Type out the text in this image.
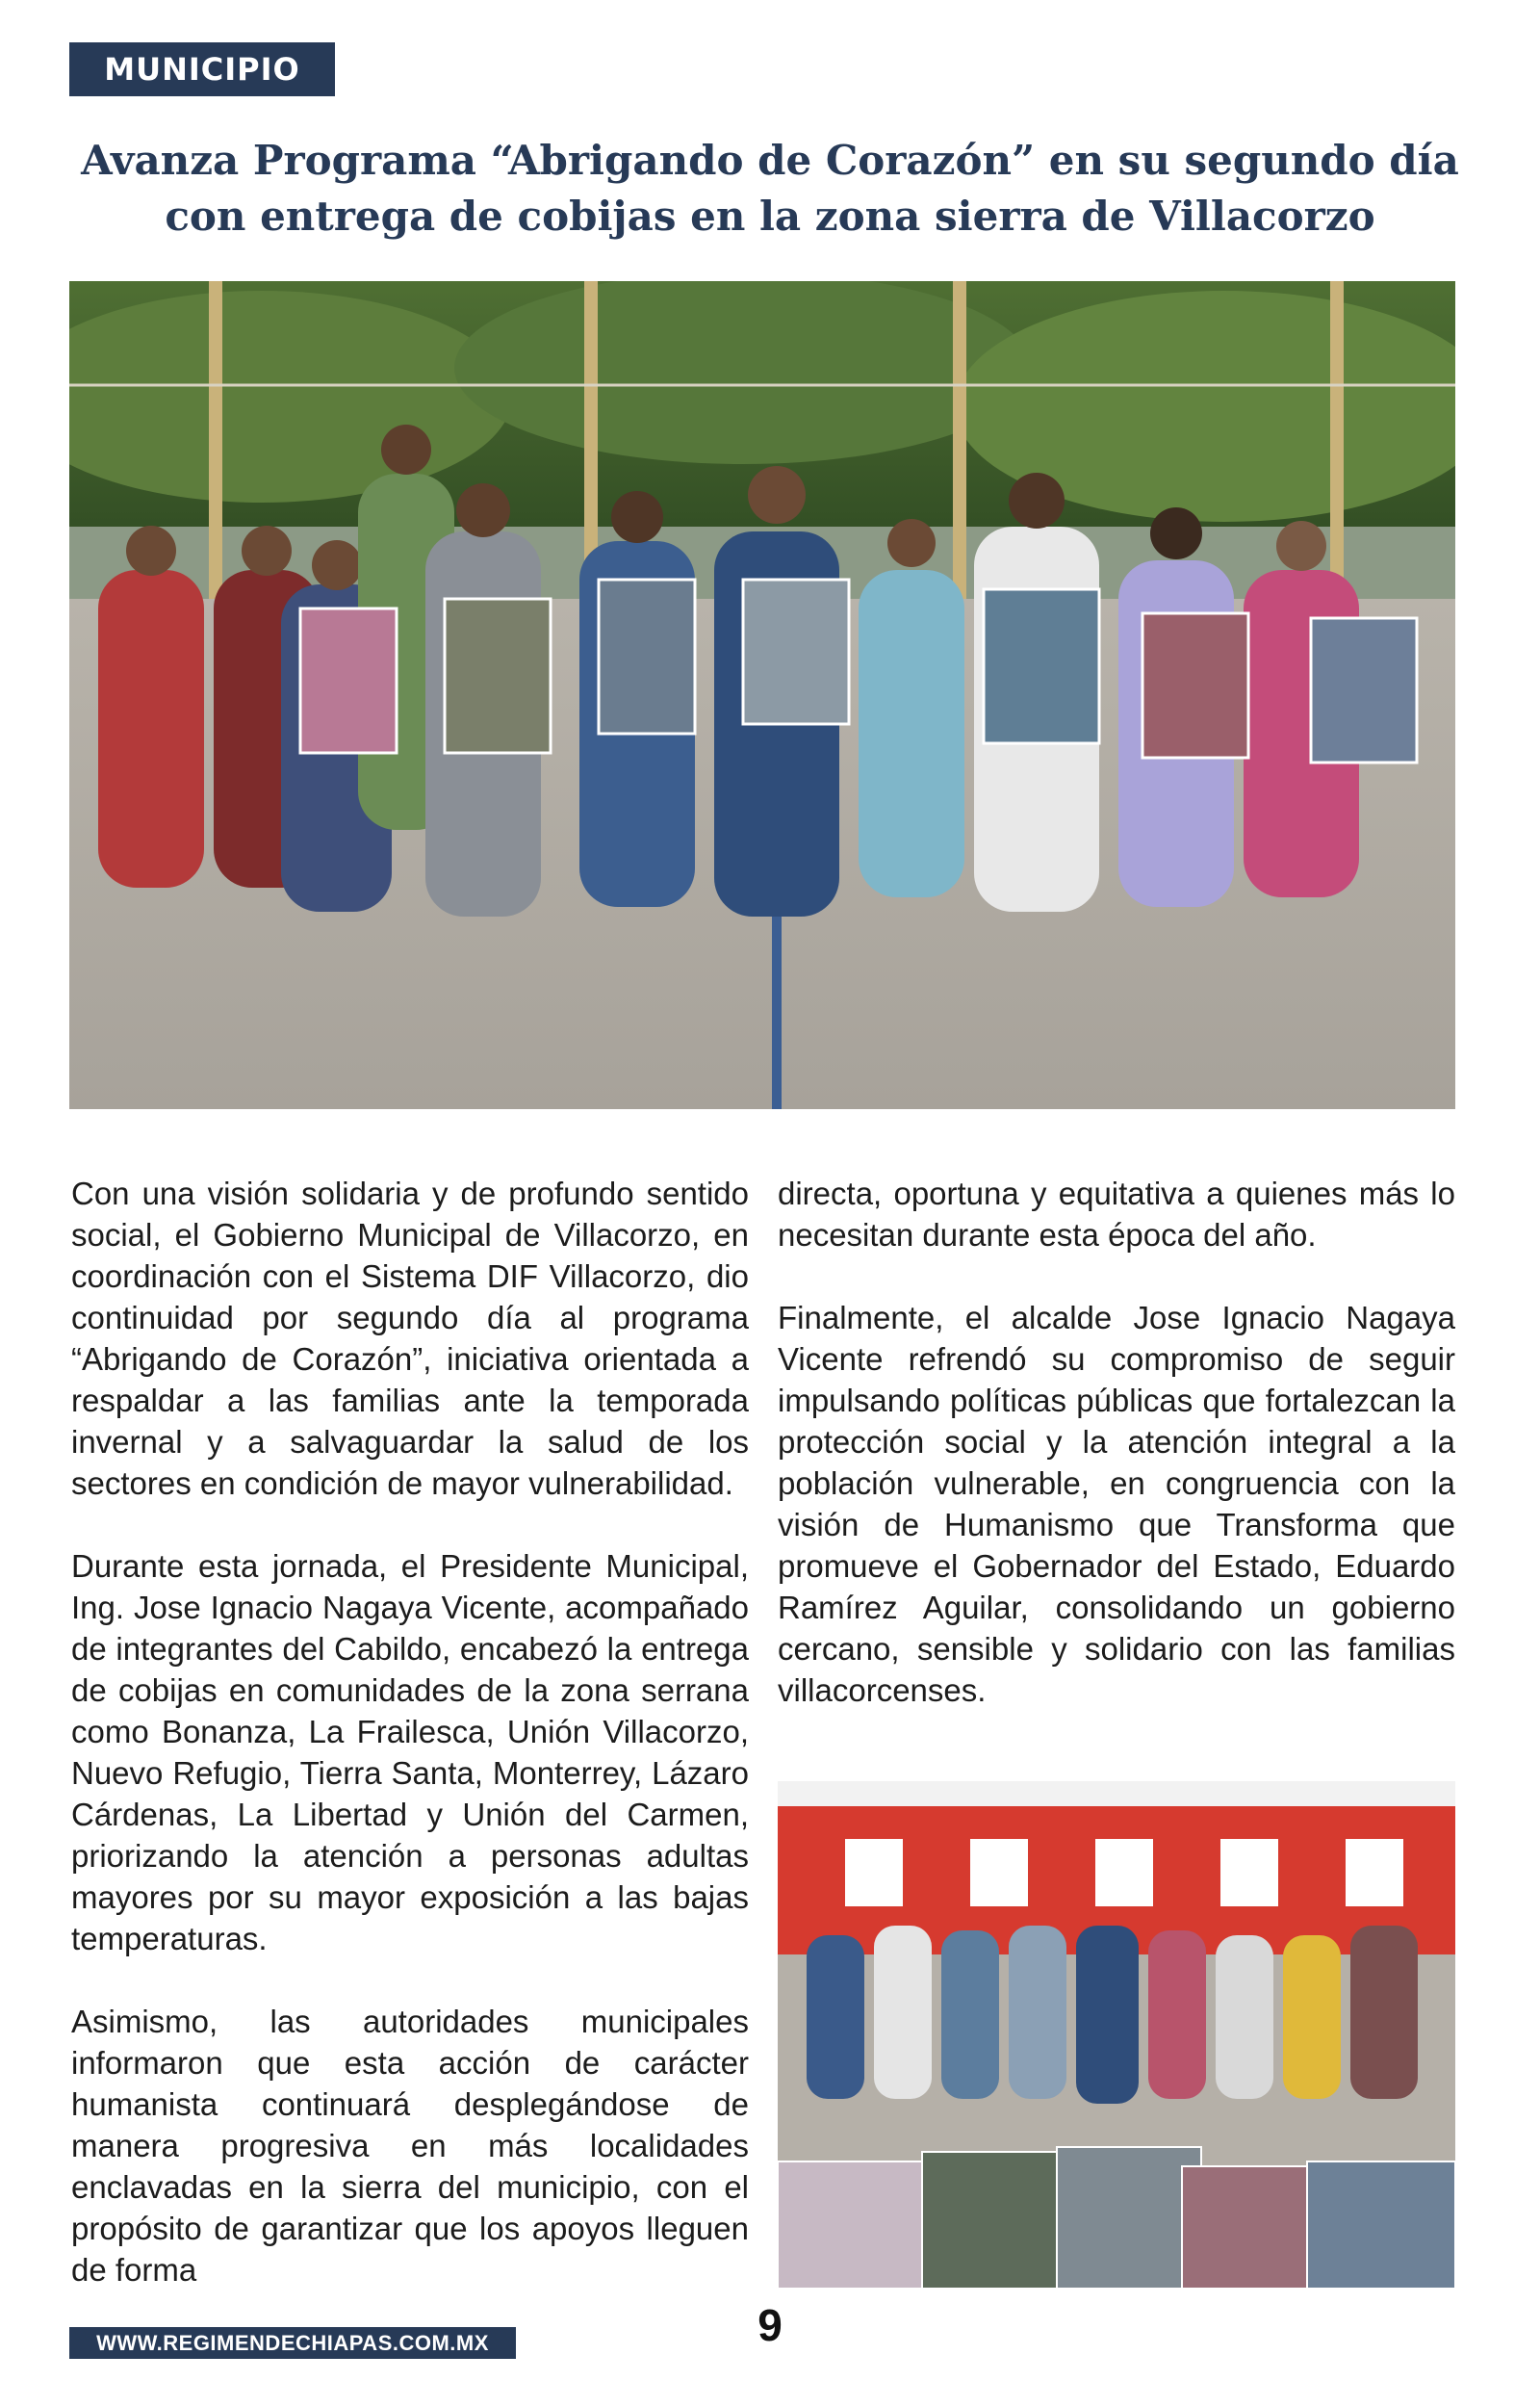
MUNICIPIO
Avanza Programa “Abrigando de Corazón” en su segundo día
con entrega de cobijas en la zona sierra de Villacorzo

Con una visión solidaria y de profundo sentido social, el Gobierno Municipal de Villacorzo, en coordinación con el Sistema DIF Villacorzo, dio continuidad por segundo día al programa “Abrigando de Corazón”, iniciativa orientada a respaldar a las familias ante la temporada invernal y a salvaguardar la salud de los sectores en condición de mayor vulnerabilidad.

Durante esta jornada, el Presidente Municipal, Ing. Jose Ignacio Nagaya Vicente, acompañado de integrantes del Cabildo, encabezó la entrega de cobijas en comunidades de la zona serrana como Bonanza, La Frailesca, Unión Villacorzo, Nuevo Refugio, Tierra Santa, Monterrey, Lázaro Cárdenas, La Libertad y Unión del Carmen, priorizando la atención a personas adultas mayores por su mayor exposición a las bajas temperaturas.

Asimismo, las autoridades municipales informaron que esta acción de carácter humanista continuará desplegándose de manera progresiva en más localidades enclavadas en la sierra del municipio, con el propósito de garantizar que los apoyos lleguen de forma

directa, oportuna y equitativa a quienes más lo necesitan durante esta época del año.

Finalmente, el alcalde Jose Ignacio Nagaya Vicente refrendó su compromiso de seguir impulsando políticas públicas que fortalezcan la protección social y la atención integral a la población vulnerable, en congruencia con la visión de Humanismo que Transforma que promueve el Gobernador del Estado, Eduardo Ramírez Aguilar, consolidando un gobierno cercano, sensible y solidario con las familias villacorcenses.

9
WWW.REGIMENDECHIAPAS.COM.MX
